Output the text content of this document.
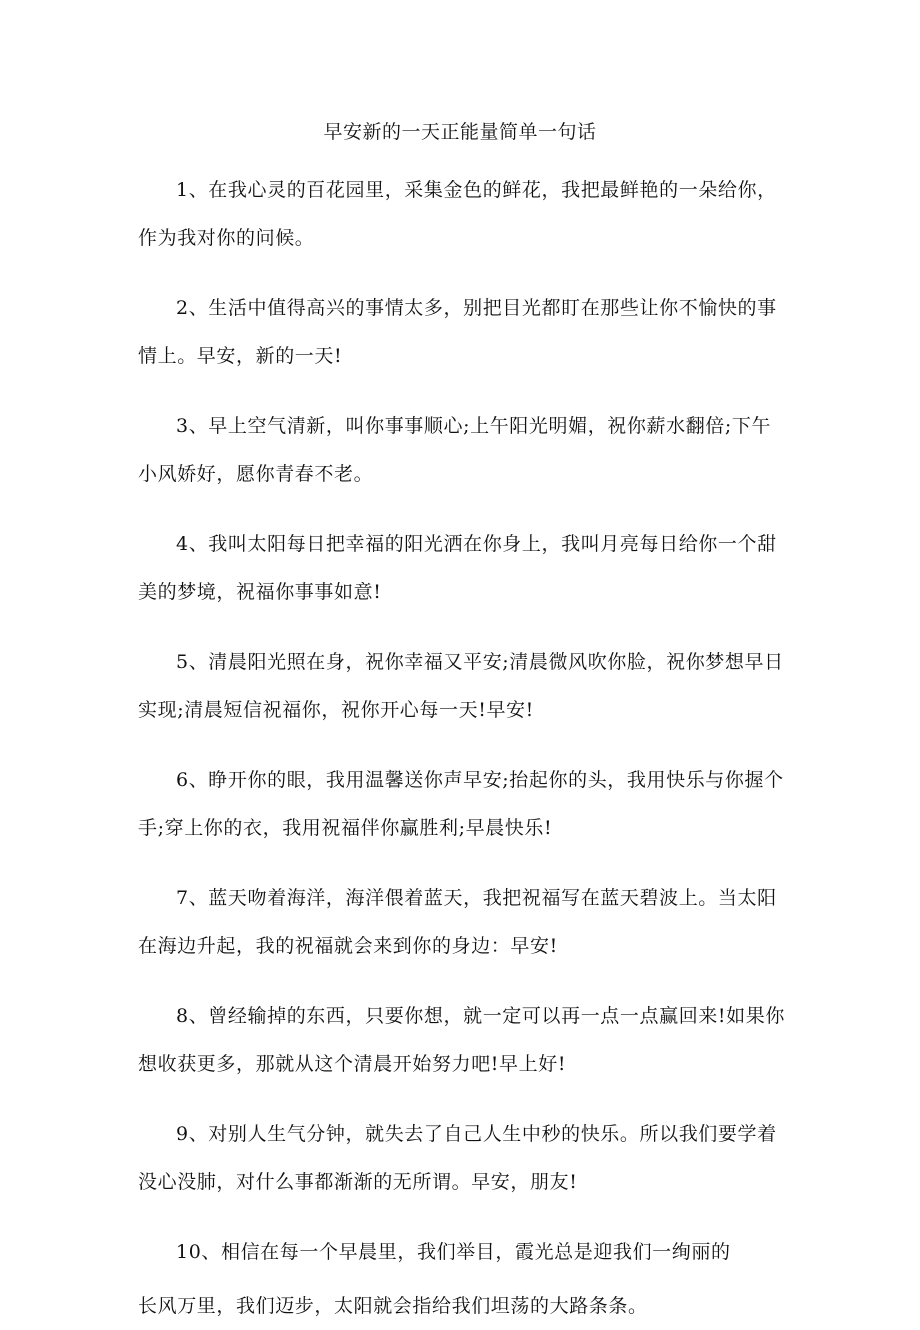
早安新的一天正能量简单一句话

1、在我心灵的百花园里，采集金色的鲜花，我把最鲜艳的一朵给你，作为我对你的问候。

2、生活中值得高兴的事情太多，别把目光都盯在那些让你不愉快的事情上。早安，新的一天!

3、早上空气清新，叫你事事顺心;上午阳光明媚，祝你薪水翻倍;下午小风娇好，愿你青春不老。

4、我叫太阳每日把幸福的阳光洒在你身上，我叫月亮每日给你一个甜美的梦境，祝福你事事如意!

5、清晨阳光照在身，祝你幸福又平安;清晨微风吹你脸，祝你梦想早日实现;清晨短信祝福你，祝你开心每一天!早安!

6、睁开你的眼，我用温馨送你声早安;抬起你的头，我用快乐与你握个手;穿上你的衣，我用祝福伴你赢胜利;早晨快乐!

7、蓝天吻着海洋，海洋偎着蓝天，我把祝福写在蓝天碧波上。当太阳在海边升起，我的祝福就会来到你的身边：早安!

8、曾经输掉的东西，只要你想，就一定可以再一点一点赢回来!如果你想收获更多，那就从这个清晨开始努力吧!早上好!

9、对别人生气分钟，就失去了自己人生中秒的快乐。所以我们要学着没心没肺，对什么事都渐渐的无所谓。早安，朋友!

10、相信在每一个早晨里，我们举目，霞光总是迎我们一绚丽的
长风万里，我们迈步，太阳就会指给我们坦荡的大路条条。
